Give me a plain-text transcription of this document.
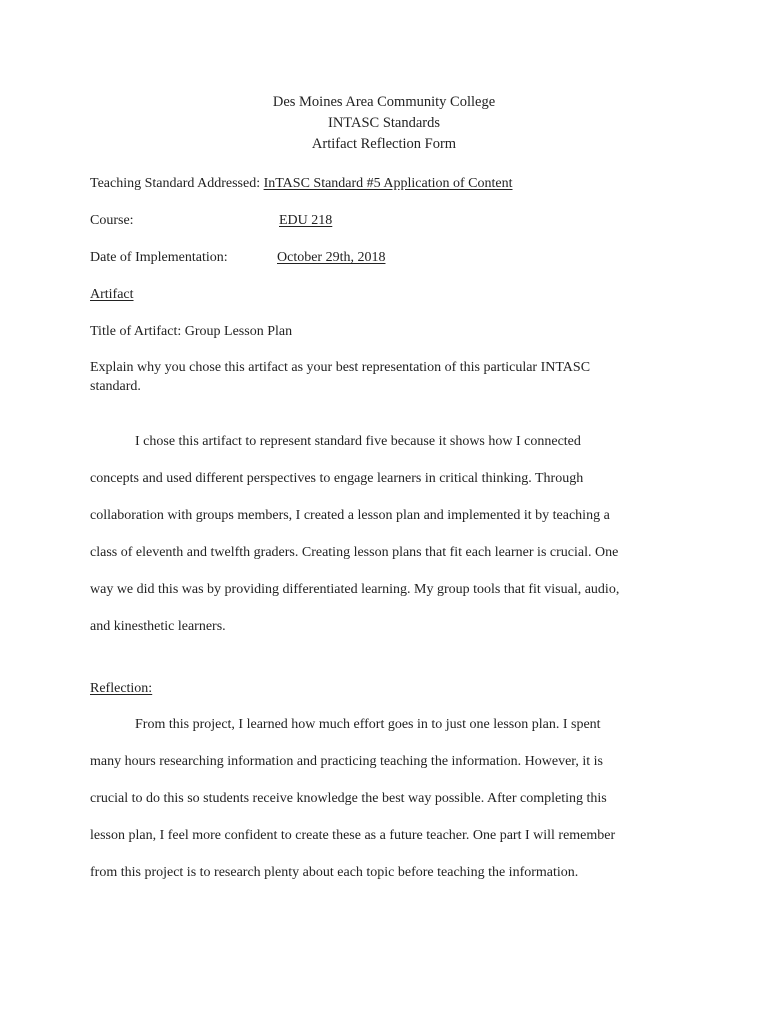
Des Moines Area Community College
INTASC Standards
Artifact Reflection Form
Teaching Standard Addressed: InTASC Standard #5 Application of Content
Course:	EDU 218
Date of Implementation:	October 29th, 2018
Artifact
Title of Artifact: Group Lesson Plan
Explain why you chose this artifact as your best representation of this particular INTASC
standard.
I chose this artifact to represent standard five because it shows how I connected
concepts and used different perspectives to engage learners in critical thinking. Through
collaboration with groups members, I created a lesson plan and implemented it by teaching a
class of eleventh and twelfth graders. Creating lesson plans that fit each learner is crucial. One
way we did this was by providing differentiated learning. My group tools that fit visual, audio,
and kinesthetic learners.
Reflection:
From this project, I learned how much effort goes in to just one lesson plan. I spent
many hours researching information and practicing teaching the information. However, it is
crucial to do this so students receive knowledge the best way possible. After completing this
lesson plan, I feel more confident to create these as a future teacher. One part I will remember
from this project is to research plenty about each topic before teaching the information.
